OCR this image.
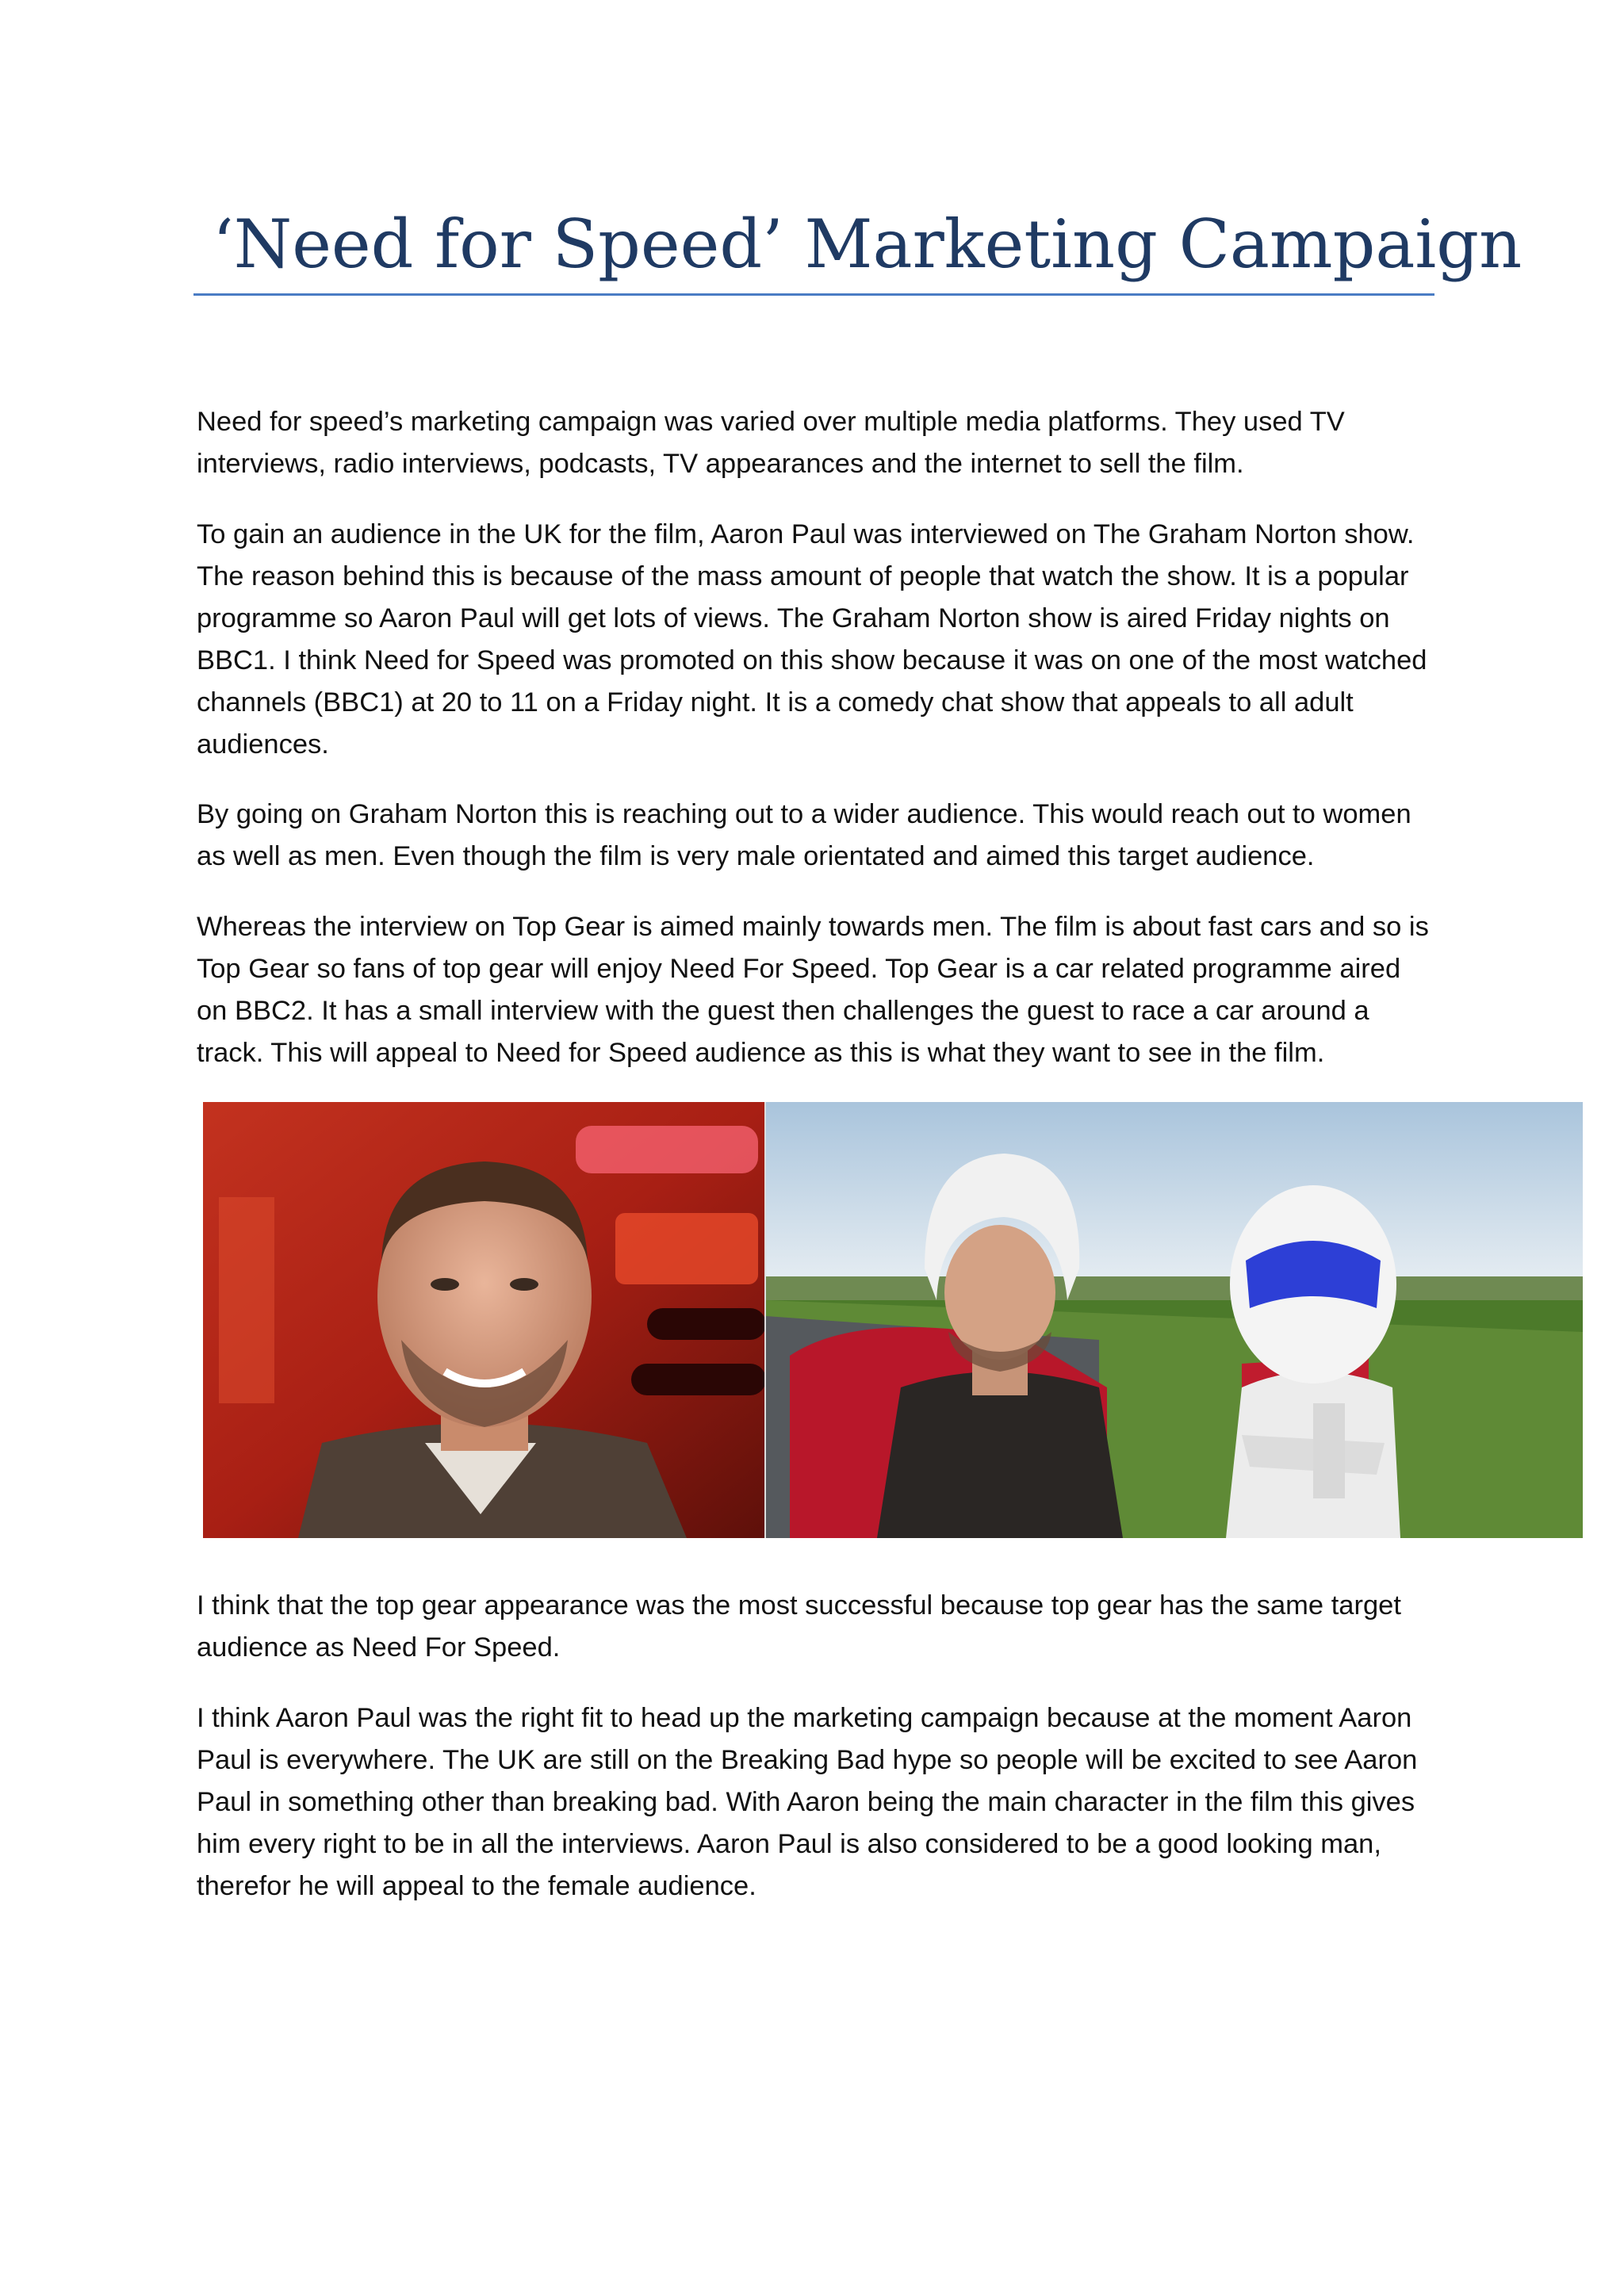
‘Need for Speed’ Marketing Campaign

Need for speed’s marketing campaign was varied over multiple media platforms. They used TV interviews, radio interviews, podcasts, TV appearances and the internet to sell the film.

To gain an audience in the UK for the film, Aaron Paul was interviewed on The Graham Norton show. The reason behind this is because of the mass amount of people that watch the show. It is a popular programme so Aaron Paul will get lots of views. The Graham Norton show is aired Friday nights on BBC1. I think Need for Speed was promoted on this show because it was on one of the most watched channels (BBC1) at 20 to 11 on a Friday night. It is a comedy chat show that appeals to all adult audiences.

By going on Graham Norton this is reaching out to a wider audience. This would reach out to women as well as men. Even though the film is very male orientated and aimed this target audience.

Whereas the interview on Top Gear is aimed mainly towards men. The film is about fast cars and so is Top Gear so fans of top gear will enjoy Need For Speed. Top Gear is a car related programme aired on BBC2. It has a small interview with the guest then challenges the guest to race a car around a track. This will appeal to Need for Speed audience as this is what they want to see in the film.

I think that the top gear appearance was the most successful because top gear has the same target audience as Need For Speed.

I think Aaron Paul was the right fit to head up the marketing campaign because at the moment Aaron Paul is everywhere. The UK are still on the Breaking Bad hype so people will be excited to see Aaron Paul in something other than breaking bad. With Aaron being the main character in the film this gives him every right to be in all the interviews. Aaron Paul is also considered to be a good looking man, therefor he will appeal to the female audience.
